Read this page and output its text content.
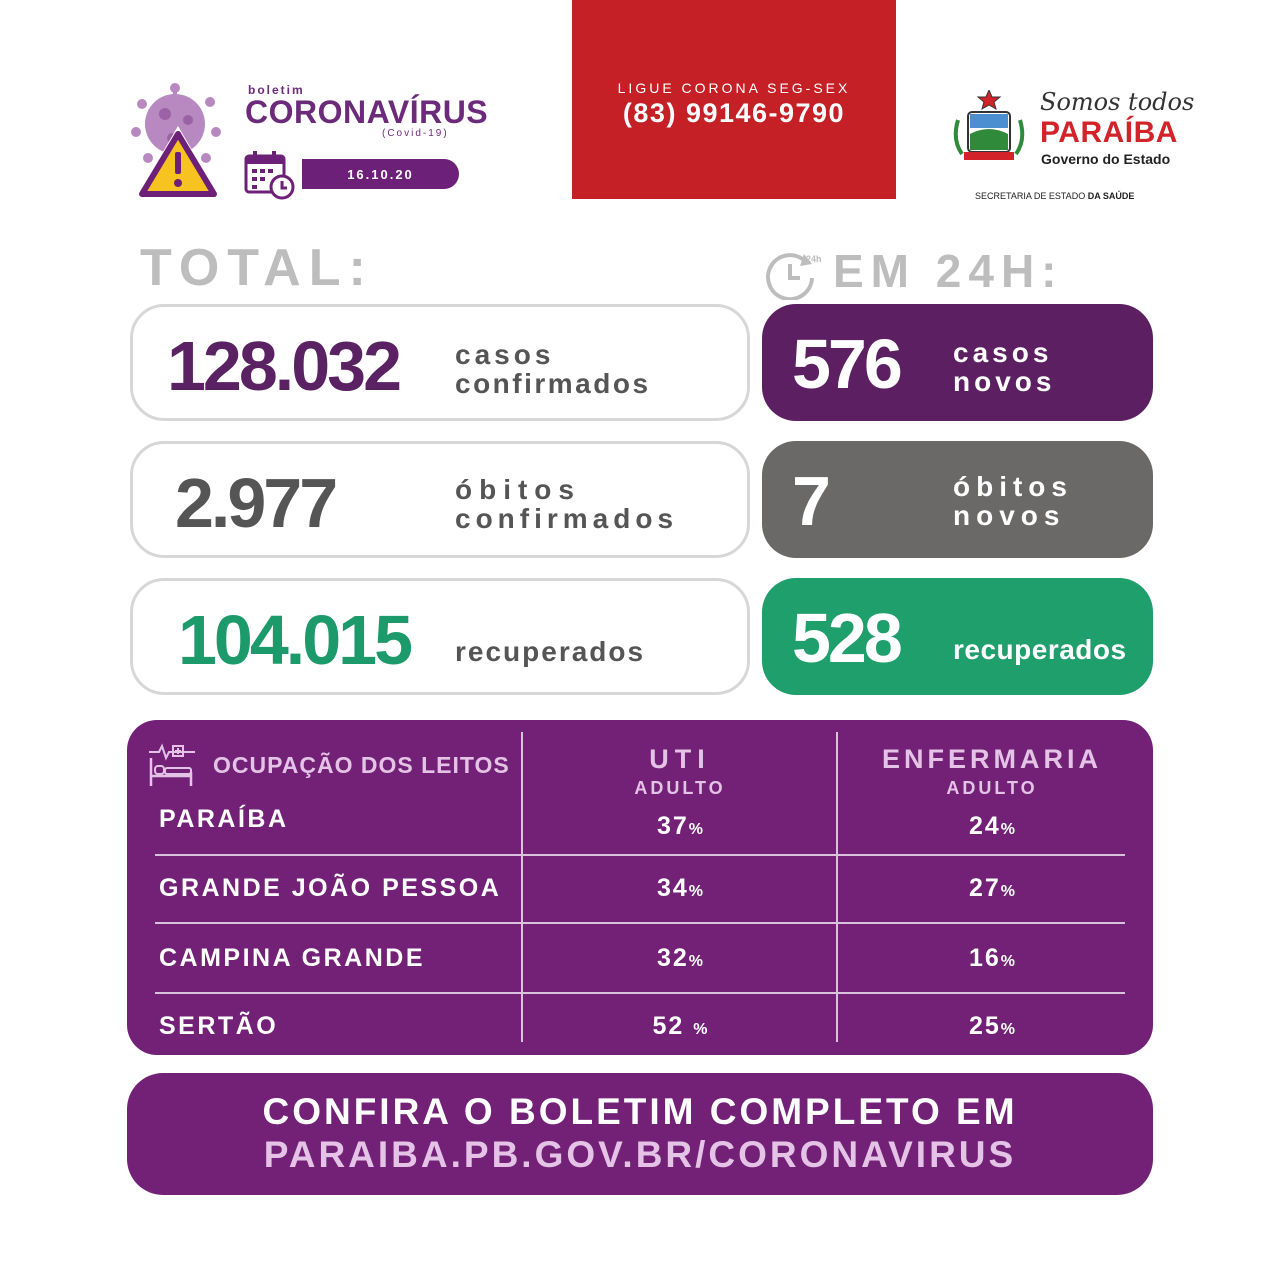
boletim
CORONAVÍRUS
(Covid-19)
16.10.20
LIGUE CORONA SEG-SEX
(83) 99146-9790	Somos todos
PARAÍBA
Governo do Estado
SECRETARIA DE ESTADO DA SAÚDE
TOTAL:	24h EM 24H:
128.032 casos
confirmados
2.977	óbitos
confirmados
104.015 recuperados
576 casos
novos
7	óbitos
novos
528 recuperados
OCUPAÇÃO DOS LEITOS	UTI
ADULTO
ENFERMARIA
ADULTO
PARAÍBA	37%	24%
GRANDE JOÃO PESSOA	34%	27%
CAMPINA GRANDE	32%	16%
SERTÃO	52 %	25%
CONFIRA O BOLETIM COMPLETO EM
PARAIBA.PB.GOV.BR/CORONAVIRUS
